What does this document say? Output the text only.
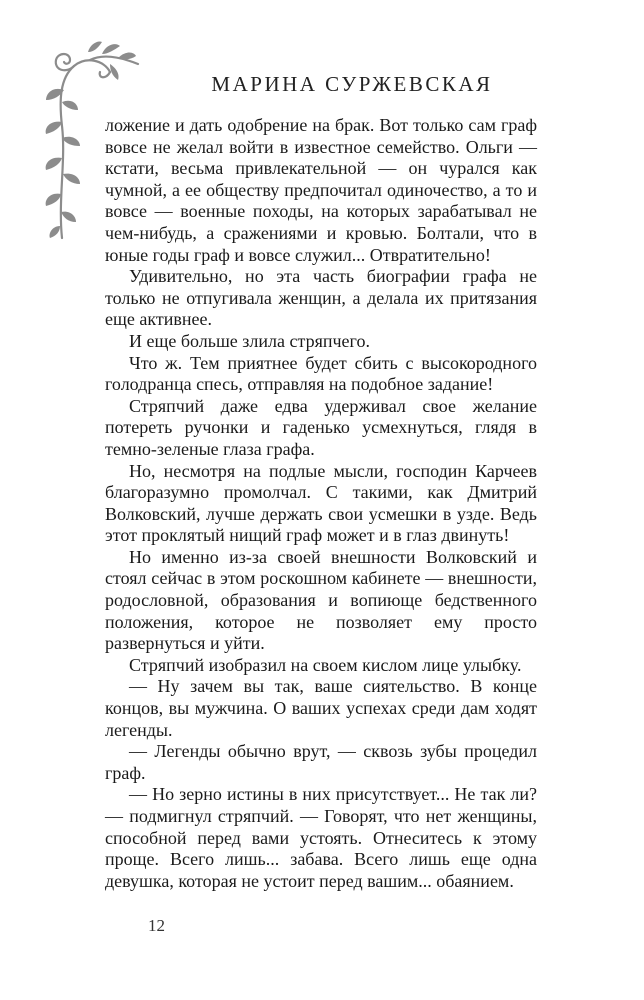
МАРИНА СУРЖЕВСКАЯ

ложение и дать одобрение на брак. Вот только сам граф вовсе не желал войти в известное семейство. Ольги — кстати, весьма привлекательной — он чурался как чумной, а ее обществу предпочитал одиночество, а то и вовсе — военные походы, на которых зарабатывал не чем-нибудь, а сражениями и кровью. Болтали, что в юные годы граф и вовсе служил... Отвратительно!

Удивительно, но эта часть биографии графа не только не отпугивала женщин, а делала их притязания еще активнее.

И еще больше злила стряпчего.

Что ж. Тем приятнее будет сбить с высокородного голодранца спесь, отправляя на подобное задание!

Стряпчий даже едва удерживал свое желание потереть ручонки и гаденько усмехнуться, глядя в темно-зеленые глаза графа.

Но, несмотря на подлые мысли, господин Карчеев благоразумно промолчал. С такими, как Дмитрий Волковский, лучше держать свои усмешки в узде. Ведь этот проклятый нищий граф может и в глаз двинуть!

Но именно из-за своей внешности Волковский и стоял сейчас в этом роскошном кабинете — внешности, родословной, образования и вопиюще бедственного положения, которое не позволяет ему просто развернуться и уйти.

Стряпчий изобразил на своем кислом лице улыбку.

— Ну зачем вы так, ваше сиятельство. В конце концов, вы мужчина. О ваших успехах среди дам ходят легенды.

— Легенды обычно врут, — сквозь зубы процедил граф.

— Но зерно истины в них присутствует... Не так ли? — подмигнул стряпчий. — Говорят, что нет женщины, способной перед вами устоять. Отнеситесь к этому проще. Всего лишь... забава. Всего лишь еще одна девушка, которая не устоит перед вашим... обаянием.

12
